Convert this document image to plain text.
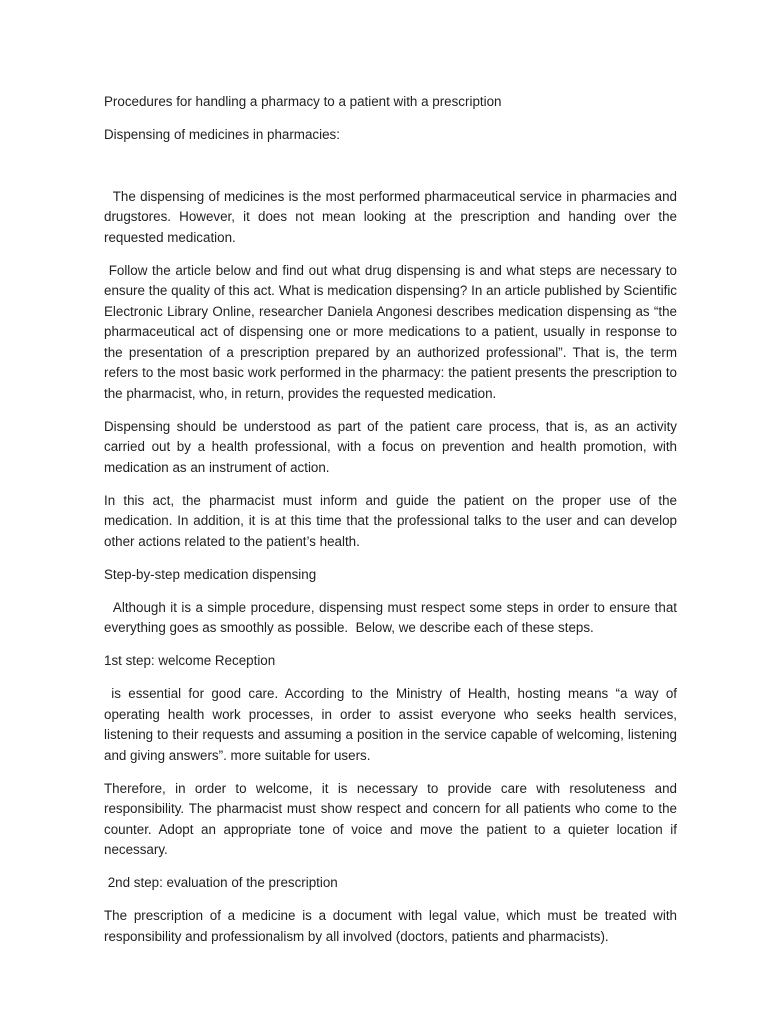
Procedures for handling a pharmacy to a patient with a prescription

Dispensing of medicines in pharmacies:

The dispensing of medicines is the most performed pharmaceutical service in pharmacies and drugstores. However, it does not mean looking at the prescription and handing over the requested medication.

Follow the article below and find out what drug dispensing is and what steps are necessary to ensure the quality of this act. What is medication dispensing? In an article published by Scientific Electronic Library Online, researcher Daniela Angonesi describes medication dispensing as “the pharmaceutical act of dispensing one or more medications to a patient, usually in response to the presentation of a prescription prepared by an authorized professional”. That is, the term refers to the most basic work performed in the pharmacy: the patient presents the prescription to the pharmacist, who, in return, provides the requested medication.

Dispensing should be understood as part of the patient care process, that is, as an activity carried out by a health professional, with a focus on prevention and health promotion, with medication as an instrument of action.

In this act, the pharmacist must inform and guide the patient on the proper use of the medication. In addition, it is at this time that the professional talks to the user and can develop other actions related to the patient’s health.

Step-by-step medication dispensing

Although it is a simple procedure, dispensing must respect some steps in order to ensure that everything goes as smoothly as possible.  Below, we describe each of these steps.

1st step: welcome Reception

is essential for good care. According to the Ministry of Health, hosting means “a way of operating health work processes, in order to assist everyone who seeks health services, listening to their requests and assuming a position in the service capable of welcoming, listening and giving answers”. more suitable for users.

Therefore, in order to welcome, it is necessary to provide care with resoluteness and responsibility. The pharmacist must show respect and concern for all patients who come to the counter. Adopt an appropriate tone of voice and move the patient to a quieter location if necessary.

2nd step: evaluation of the prescription

The prescription of a medicine is a document with legal value, which must be treated with responsibility and professionalism by all involved (doctors, patients and pharmacists).
